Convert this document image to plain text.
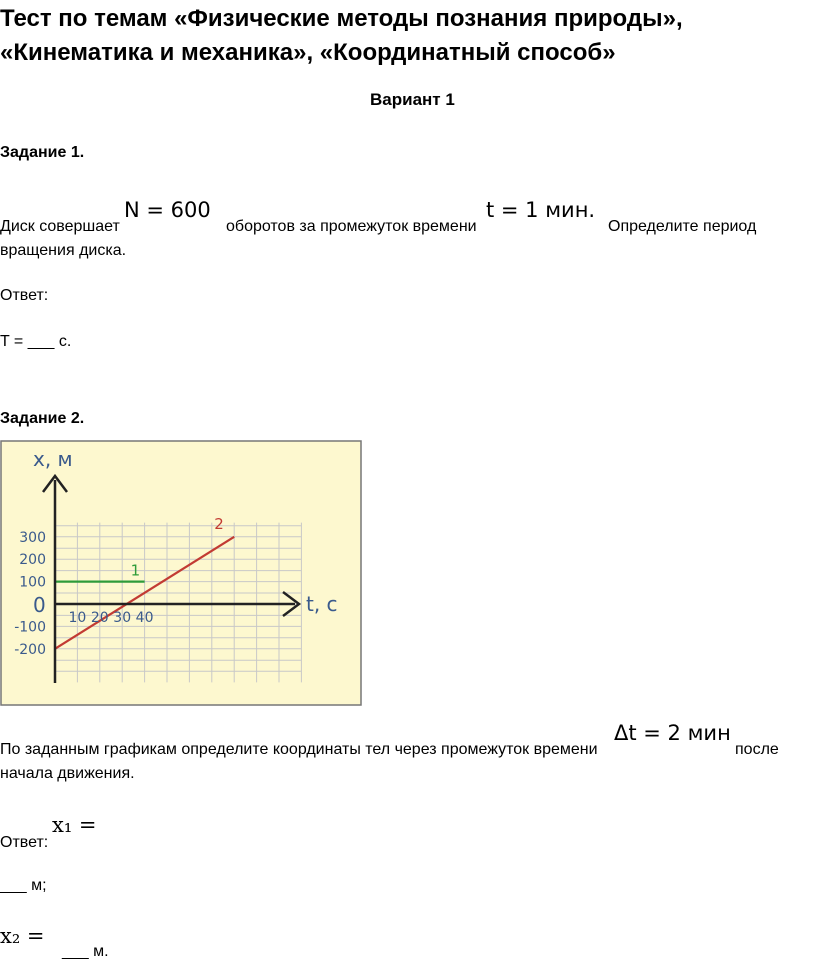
Тест по темам «Физические методы познания природы»,
«Кинематика и механика», «Координатный способ»
Вариант 1
Задание 1.
Диск совершает
N = 600
оборотов за промежуток времени
t = 1 мин.
Определите период
вращения диска.
Ответ:
T = ___ с.
Задание 2.
1
2
x, м
t, c
0
10 20 30 40
300
200
100
-100
-200
По заданным графикам определите координаты тел через промежуток времени
Δt = 2 мин
после
начала движения.
Ответ:
x₁ =
___ м;
x₂ =
___ м.
